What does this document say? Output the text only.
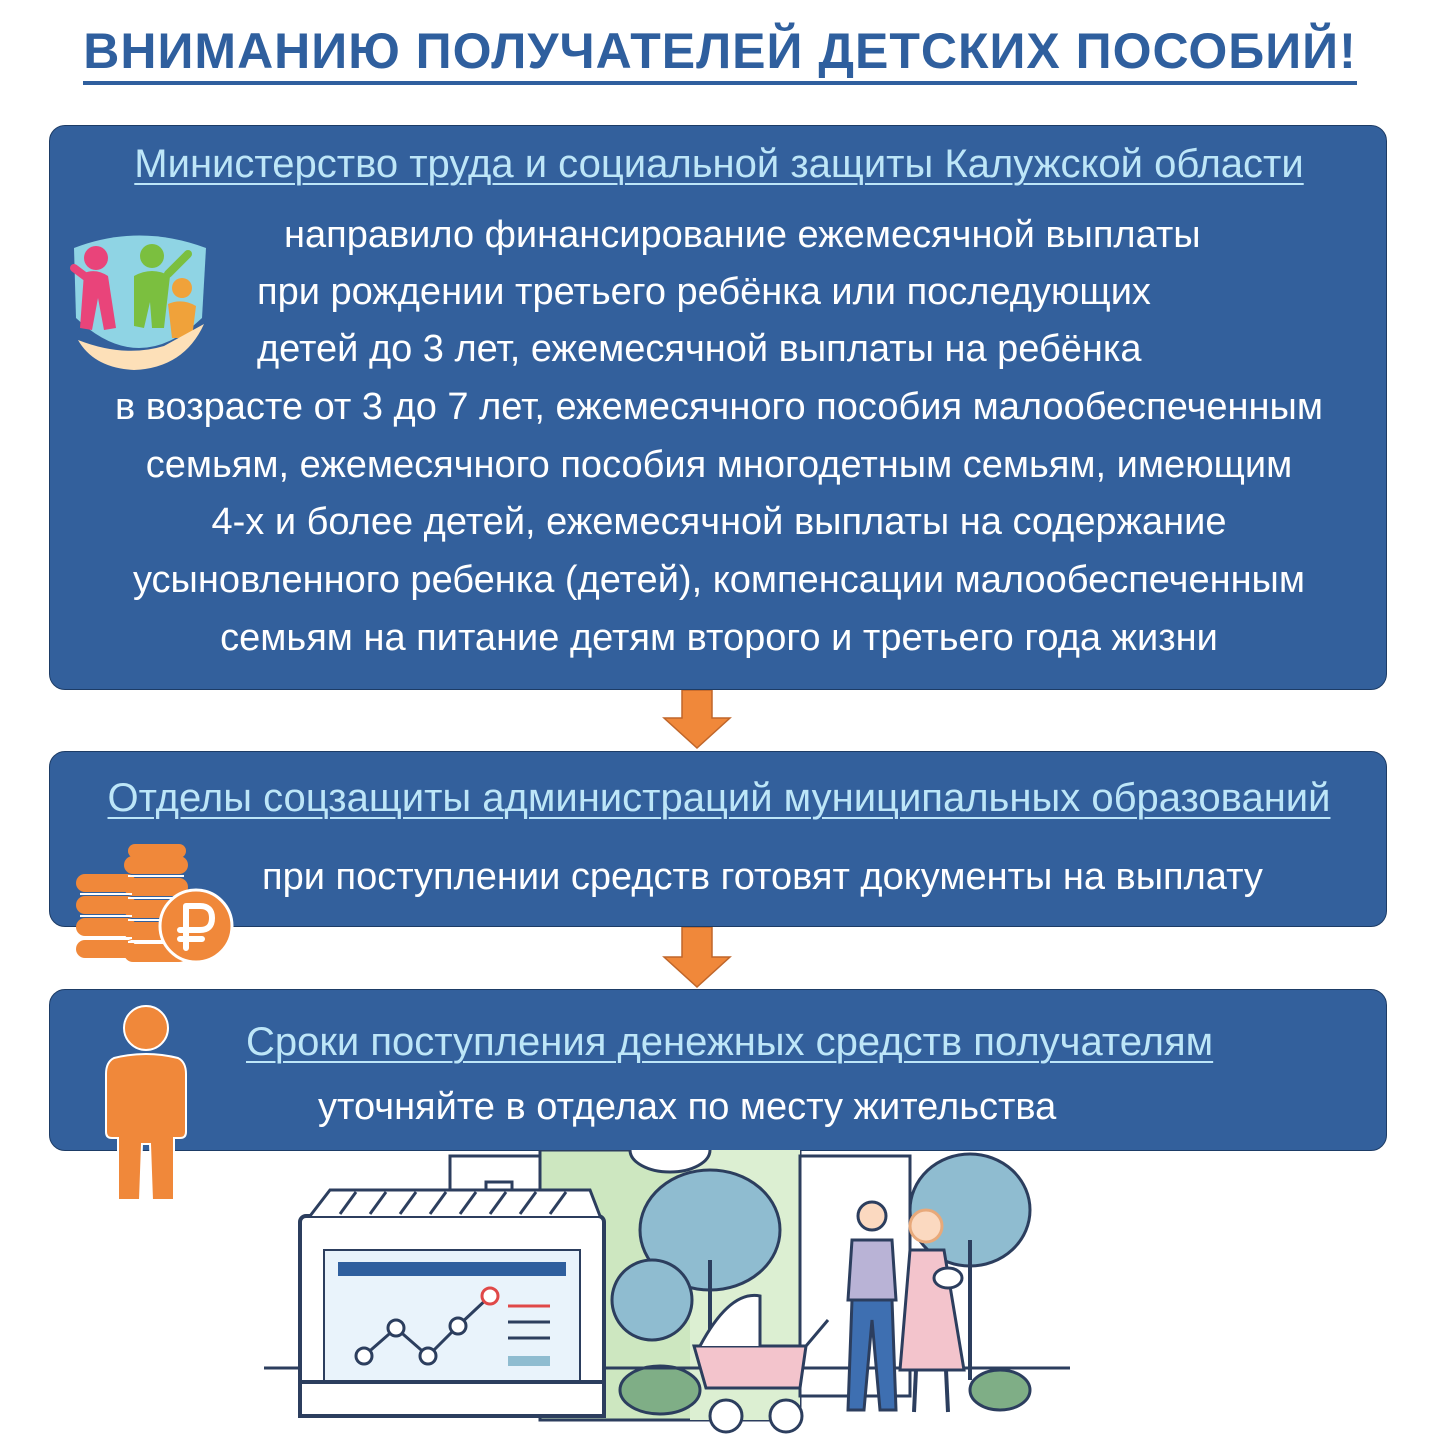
ВНИМАНИЮ ПОЛУЧАТЕЛЕЙ ДЕТСКИХ ПОСОБИЙ!
Министерство труда и социальной защиты Калужской области
направило финансирование ежемесячной выплаты
при рождении третьего ребёнка или последующих
детей до 3 лет, ежемесячной выплаты на ребёнка
в возрасте от 3 до 7 лет, ежемесячного пособия малообеспеченным
семьям, ежемесячного пособия многодетным семьям, имеющим
4-х и более детей, ежемесячной выплаты на содержание
усыновленного ребенка (детей), компенсации малообеспеченным
семьям на питание детям второго и третьего года жизни
Отделы соцзащиты администраций муниципальных образований
при поступлении средств готовят документы на выплату
Сроки поступления денежных средств получателям
уточняйте в отделах по месту жительства
